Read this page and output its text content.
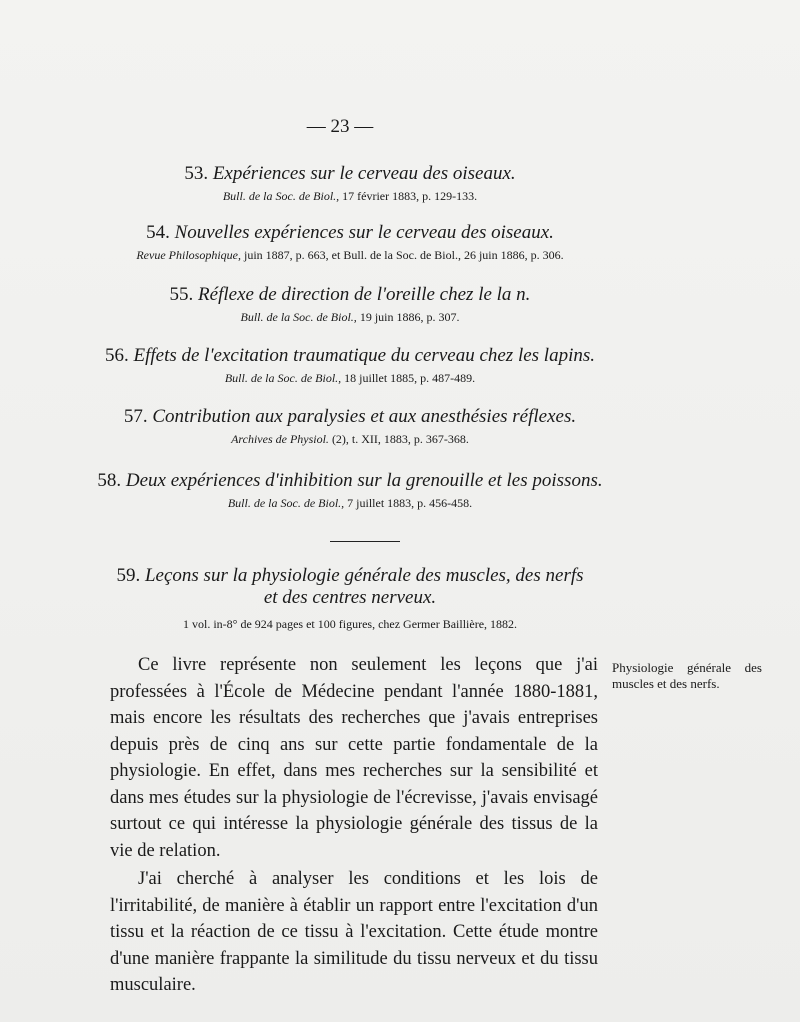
— 23 —
53. Expériences sur le cerveau des oiseaux.
Bull. de la Soc. de Biol., 17 février 1883, p. 129-133.
54. Nouvelles expériences sur le cerveau des oiseaux.
Revue Philosophique, juin 1887, p. 663, et Bull. de la Soc. de Biol., 26 juin 1886, p. 306.
55. Réflexe de direction de l'oreille chez le la n.
Bull. de la Soc. de Biol., 19 juin 1886, p. 307.
56. Effets de l'excitation traumatique du cerveau chez les lapins.
Bull. de la Soc. de Biol., 18 juillet 1885, p. 487-489.
57. Contribution aux paralysies et aux anesthésies réflexes.
Archives de Physiol. (2), t. XII, 1883, p. 367-368.
58. Deux expériences d'inhibition sur la grenouille et les poissons.
Bull. de la Soc. de Biol., 7 juillet 1883, p. 456-458.
59. Leçons sur la physiologie générale des muscles, des nerfs
et des centres nerveux.
1 vol. in-8° de 924 pages et 100 figures, chez Germer Baillière, 1882.

Ce livre représente non seulement les leçons que j'ai professées à l'École de Médecine pendant l'année 1880-1881, mais encore les résultats des recherches que j'avais entreprises depuis près de cinq ans sur cette partie fondamentale de la physiologie. En effet, dans mes recherches sur la sensibilité et dans mes études sur la physiologie de l'écrevisse, j'avais envisagé surtout ce qui intéresse la physiologie générale des tissus de la vie de relation.

J'ai cherché à analyser les conditions et les lois de l'irritabilité, de manière à établir un rapport entre l'excitation d'un tissu et la réaction de ce tissu à l'excitation. Cette étude montre d'une manière frappante la similitude du tissu nerveux et du tissu musculaire.

Physiologie générale des muscles et des nerfs.
